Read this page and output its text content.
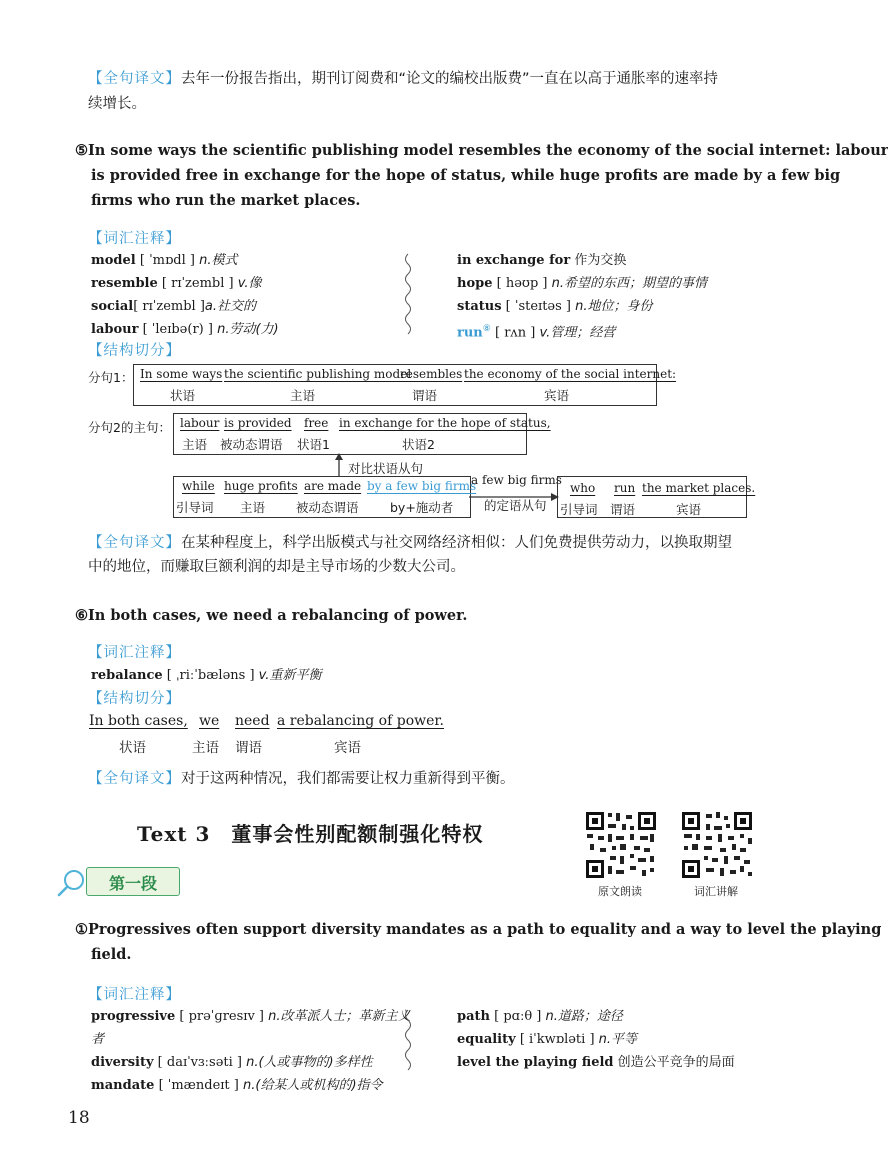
【全句译文】去年一份报告指出，期刊订阅费和“论文的编校出版费”一直在以高于通胀率的速率持
续增长。
⑤In some ways the scientific publishing model resembles the economy of the social internet: labour
is provided free in exchange for the hope of status, while huge profits are made by a few big
firms who run the market places.
【词汇注释】
model [ ˈmɒdl ] n.模式
resemble [ rɪˈzembl ] v.像
social[ rɪˈzembl ]a.社交的
labour [ ˈleɪbə(r) ] n.劳动(力)
in exchange for 作为交换
hope [ həʊp ] n.希望的东西；期望的事情
status [ ˈsteɪtəs ] n.地位；身份
run⑧ [ rʌn ] v.管理；经营
【结构切分】
分句1： In some ways the scientific publishing model
resembles the economy of the social internet:
状语	主语	谓语	宾语
分句2的主句： labour is provided free in exchange for the hope of status,
主语 被动态谓语 状语1	状语2
对比状语从句
while huge profits are made by a few big firms
引导词 主语 被动态谓语	by+施动者
a few big firms
的定语从句
who run the market places.
引导词 谓语	宾语
【全句译文】在某种程度上，科学出版模式与社交网络经济相似：人们免费提供劳动力，以换取期望
中的地位，而赚取巨额利润的却是主导市场的少数大公司。
⑥In both cases, we need a rebalancing of power.
【词汇注释】
rebalance [ ˌriːˈbæləns ] v.重新平衡
【结构切分】
In both cases, we need a rebalancing of power.
状语	主语 谓语	宾语
【全句译文】对于这两种情况，我们都需要让权力重新得到平衡。
Text 3　董事会性别配额制强化特权
原文朗读	词汇讲解
第一段
①Progressives often support diversity mandates as a path to equality and a way to level the playing
field.
【词汇注释】
progressive [ prəˈɡresɪv ] n.改革派人士；革新主义者
diversity [ daɪˈvɜːsəti ] n.(人或事物的)多样性
mandate [ ˈmændeɪt ] n.(给某人或机构的)指令
path [ pɑːθ ] n.道路；途径
equality [ iˈkwɒləti ] n.平等
level the playing field 创造公平竞争的局面
18
